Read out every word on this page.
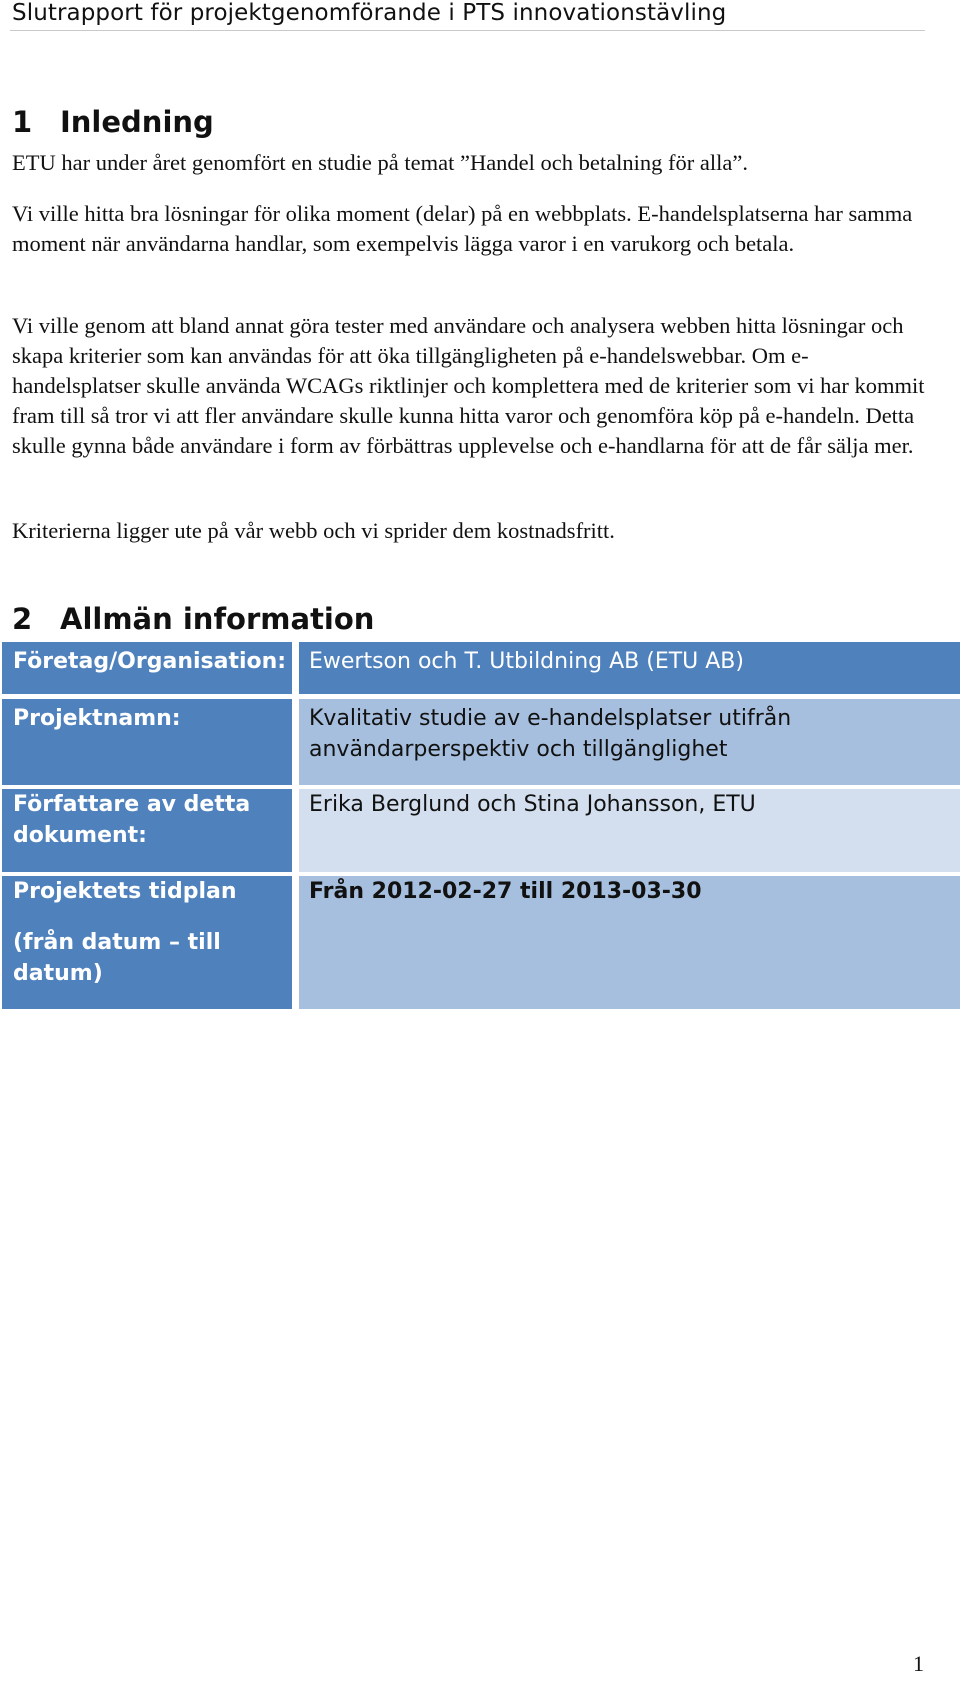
Slutrapport för projektgenomförande i PTS innovationstävling
1 Inledning

ETU har under året genomfört en studie på temat ”Handel och betalning för alla”.

Vi ville hitta bra lösningar för olika moment (delar) på en webbplats. E-handelsplatserna har samma moment när användarna handlar, som exempelvis lägga varor i en varukorg och betala.

Vi ville genom att bland annat göra tester med användare och analysera webben hitta lösningar och skapa kriterier som kan användas för att öka tillgängligheten på e-handelswebbar. Om e-handelsplatser skulle använda WCAGs riktlinjer och komplettera med de kriterier som vi har kommit fram till så tror vi att fler användare skulle kunna hitta varor och genomföra köp på e-handeln. Detta skulle gynna både användare i form av förbättras upplevelse och e-handlarna för att de får sälja mer.

Kriterierna ligger ute på vår webb och vi sprider dem kostnadsfritt.

2 Allmän information
Företag/Organisation:	Ewertson och T. Utbildning AB (ETU AB)
Projektnamn:	Kvalitativ studie av e-handelsplatser utifrån användarperspektiv och tillgänglighet
Författare av detta dokument:
Erika Berglund och Stina Johansson, ETU
Projektets tidplan
(från datum – till datum)
Från 2012-02-27 till 2013-03-30
1
